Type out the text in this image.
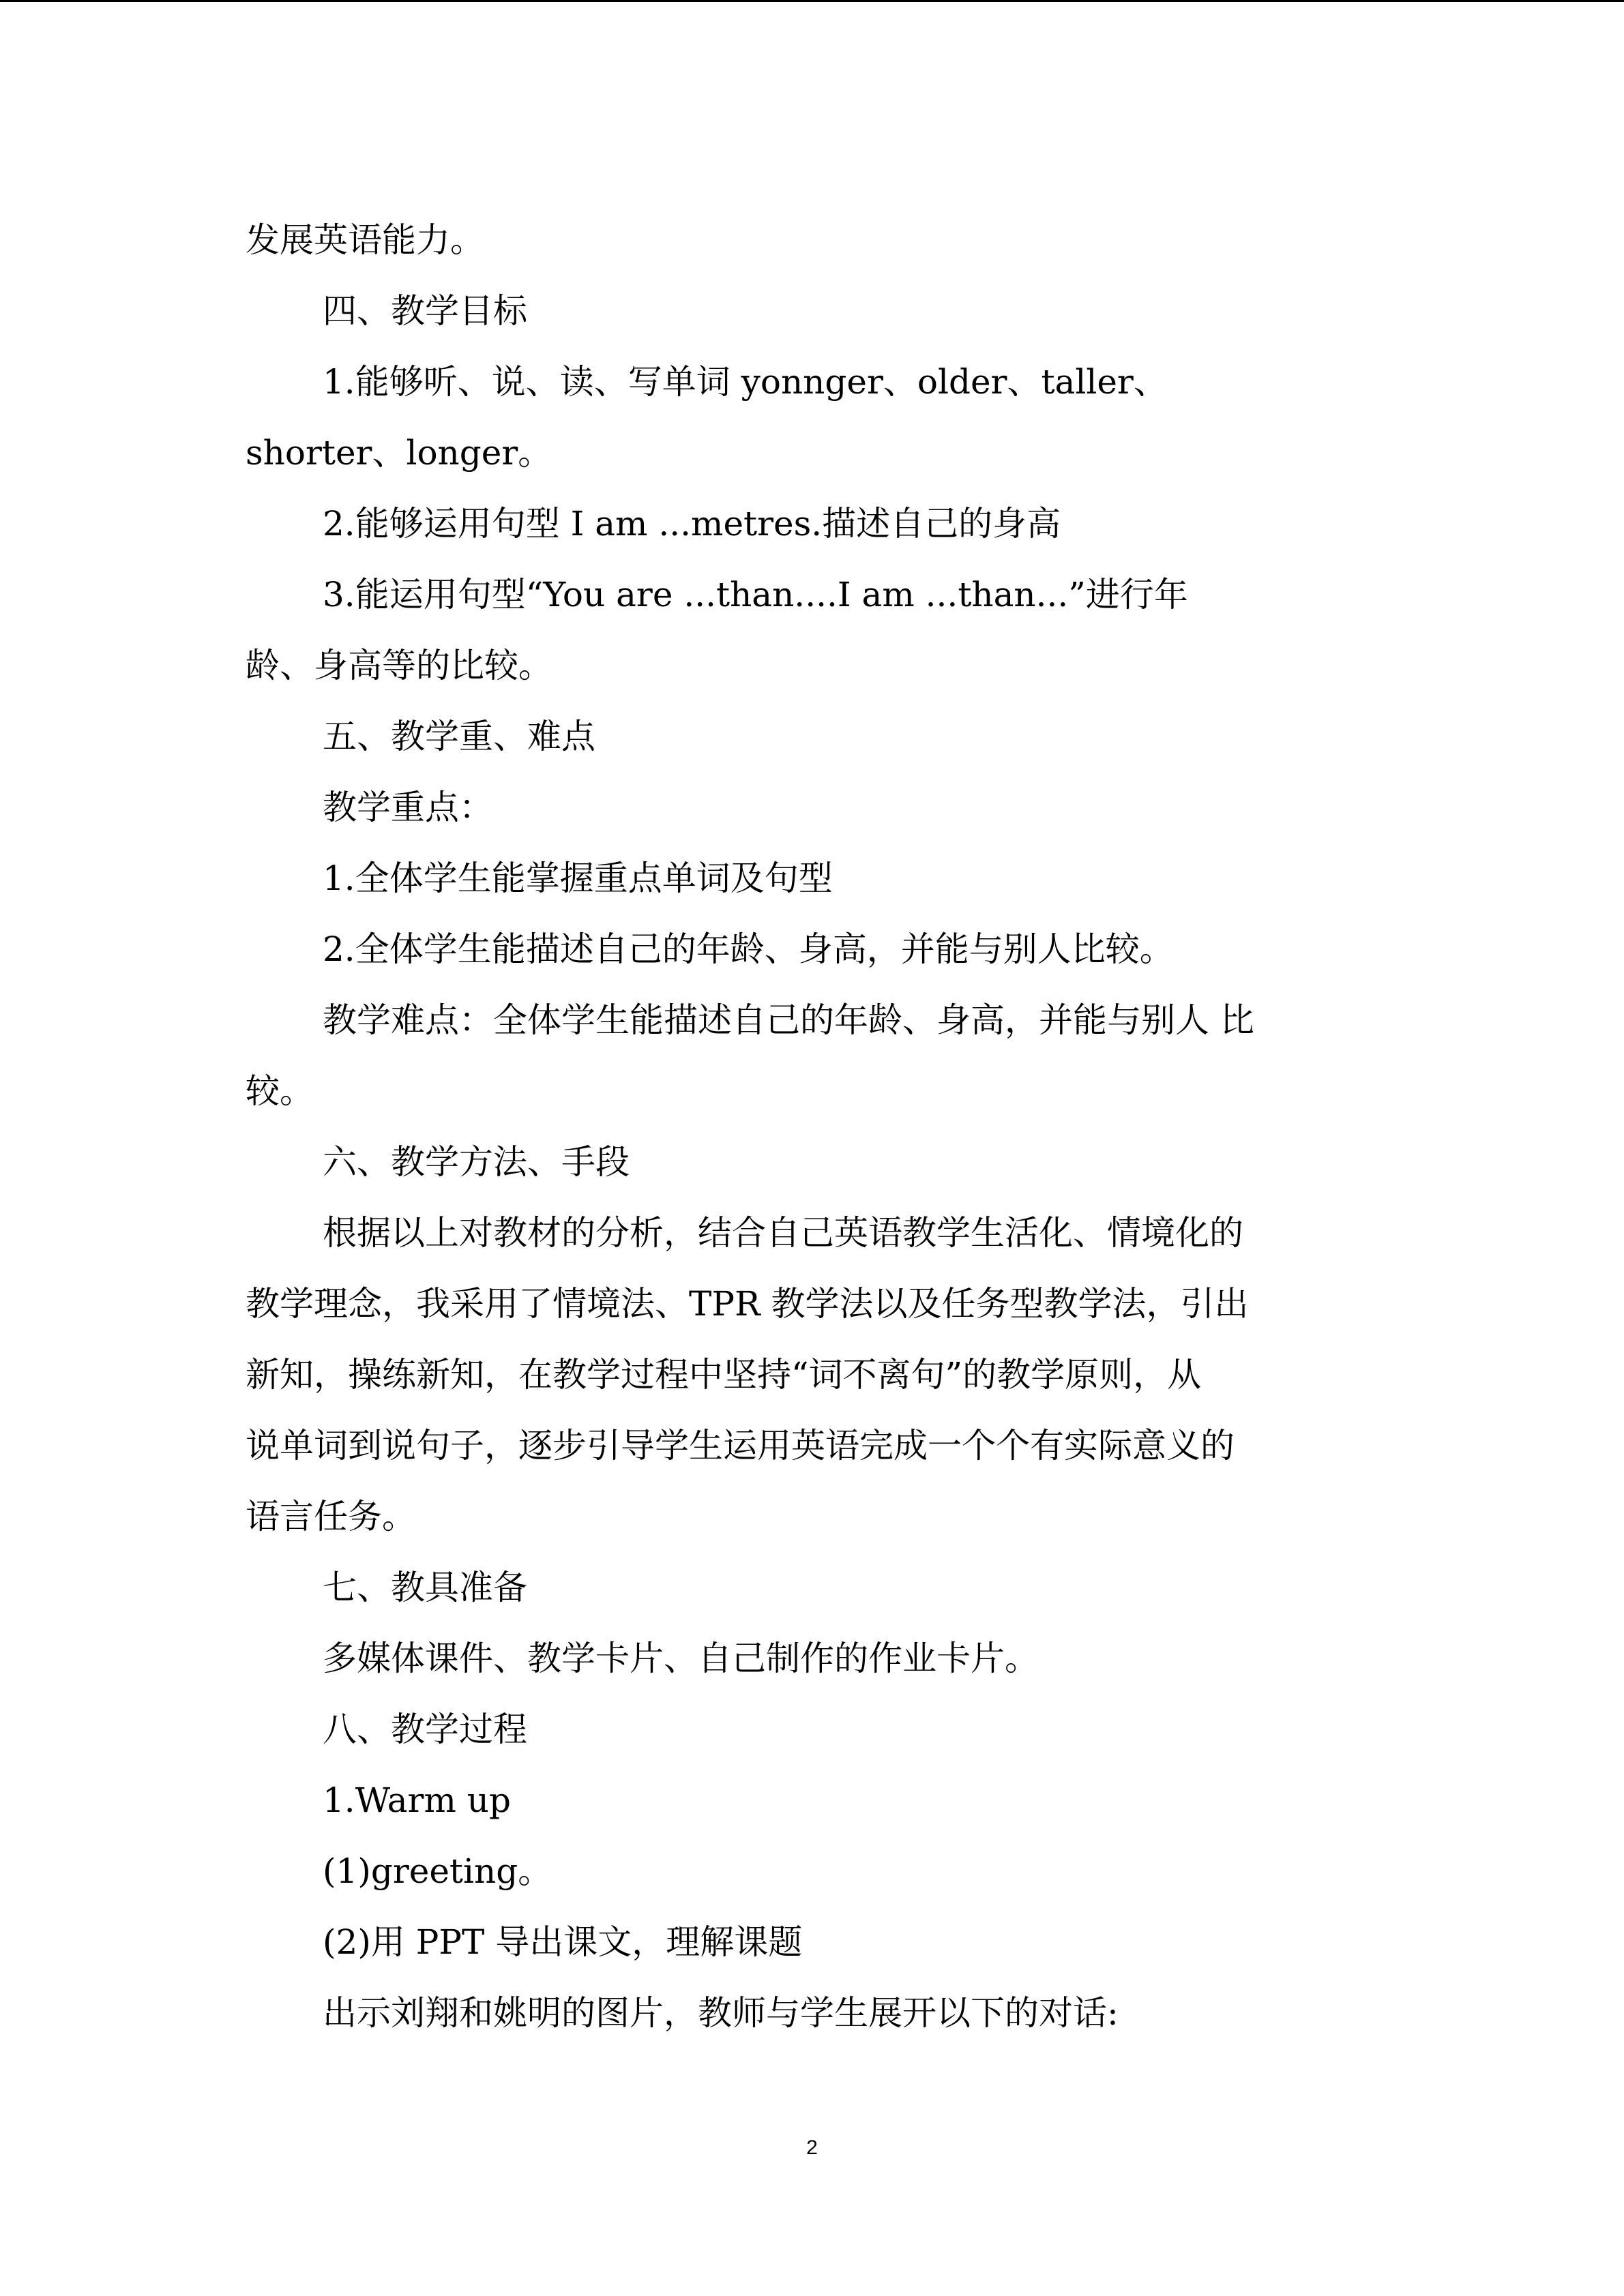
发展英语能力。
四、教学目标
1.能够听、说、读、写单词 yonnger、older、taller、
shorter、longer。
2.能够运用句型 I am ...metres.描述自己的身高
3.能运用句型“You are ...than....I am ...than...”进行年
龄、身高等的比较。
五、教学重、难点
教学重点：
1.全体学生能掌握重点单词及句型
2.全体学生能描述自己的年龄、身高，并能与别人比较。
教学难点：全体学生能描述自己的年龄、身高，并能与别人 比
较。
六、教学方法、手段
根据以上对教材的分析，结合自己英语教学生活化、情境化的
教学理念，我采用了情境法、TPR 教学法以及任务型教学法，引出
新知，操练新知，在教学过程中坚持“词不离句”的教学原则，从
说单词到说句子，逐步引导学生运用英语完成一个个有实际意义的
语言任务。
七、教具准备
多媒体课件、教学卡片、自己制作的作业卡片。
八、教学过程
1.Warm up
(1)greeting。
(2)用 PPT 导出课文，理解课题
出示刘翔和姚明的图片，教师与学生展开以下的对话:
2
